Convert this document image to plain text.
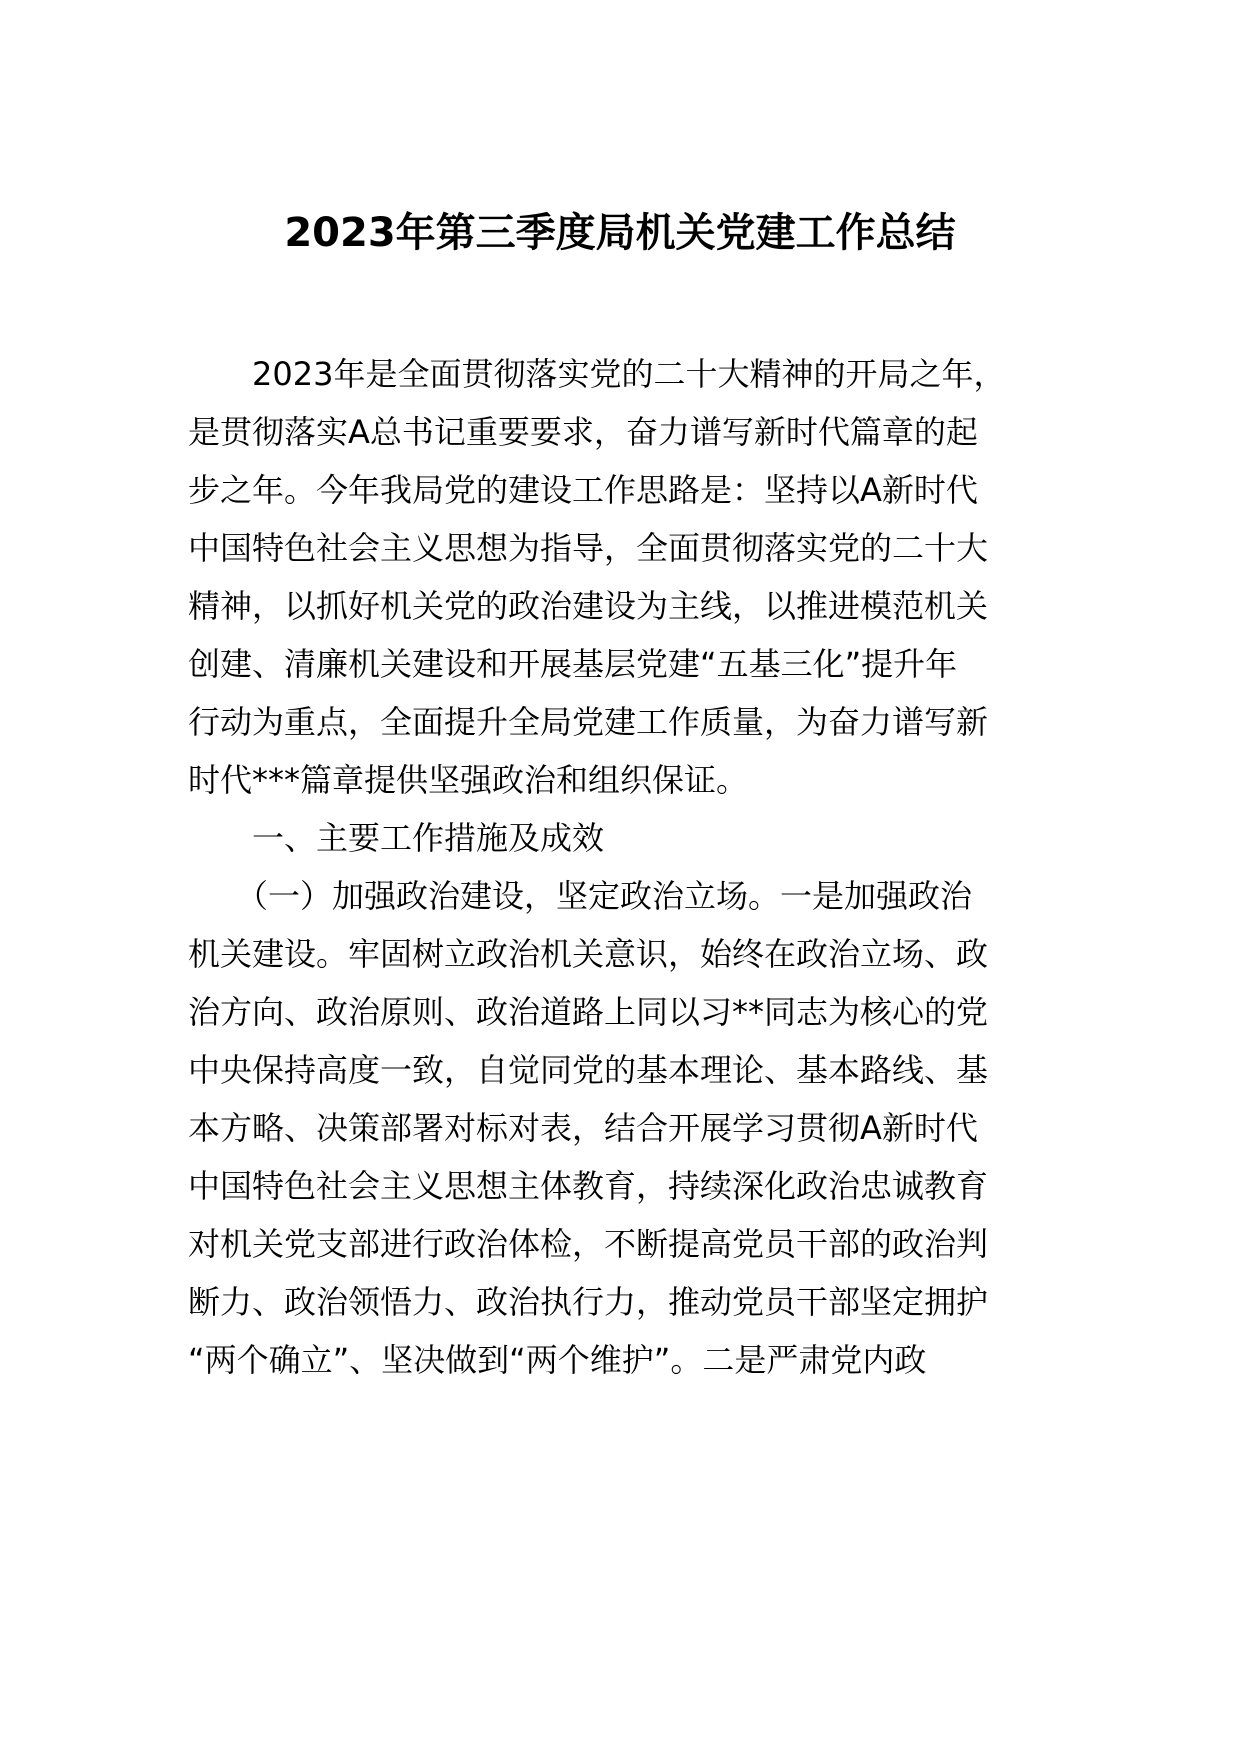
2023年第三季度局机关党建工作总结
　　2023年是全面贯彻落实党的二十大精神的开局之年，
是贯彻落实A总书记重要要求，奋力谱写新时代篇章的起
步之年。今年我局党的建设工作思路是：坚持以A新时代
中国特色社会主义思想为指导，全面贯彻落实党的二十大
精神，以抓好机关党的政治建设为主线，以推进模范机关
创建、清廉机关建设和开展基层党建“五基三化”提升年
行动为重点，全面提升全局党建工作质量，为奋力谱写新
时代***篇章提供坚强政治和组织保证。
　　一、主要工作措施及成效
　　（一）加强政治建设，坚定政治立场。一是加强政治
机关建设。牢固树立政治机关意识，始终在政治立场、政
治方向、政治原则、政治道路上同以习**同志为核心的党
中央保持高度一致，自觉同党的基本理论、基本路线、基
本方略、决策部署对标对表，结合开展学习贯彻A新时代
中国特色社会主义思想主体教育，持续深化政治忠诚教育
对机关党支部进行政治体检，不断提高党员干部的政治判
断力、政治领悟力、政治执行力，推动党员干部坚定拥护
“两个确立”、坚决做到“两个维护”。二是严肃党内政
